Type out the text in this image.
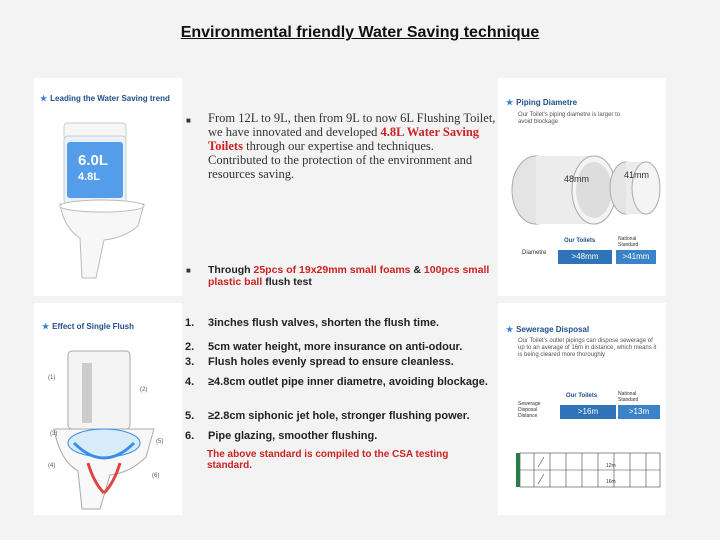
Environmental friendly Water Saving technique
★ Leading the Water Saving trend
6.0L
4.8L
★ Piping Diametre
Our Toilet's piping diametre is larger to avoid blockage
48mm	41mm
Our Toilets	National Standard
Diametre	>48mm	>41mm
★ Effect of Single Flush
(1)
(2)
(3)
(4)
(5)
(6)
★ Sewerage Disposal
Our Toilet's outlet pipings can dispose sewerage of up to an average of 16m in distance, which means it is being cleared more thoroughly
Our Toilets	National Standard
Sewerage Disposal Distance	>16m	>13m
12m
16m
■ From 12L to 9L, then from 9L to now 6L Flushing Toilet, we have innovated and developed 4.8L Water Saving Toilets through our expertise and techniques. Contributed to the protection of the environment and resources saving.
■ Through 25pcs of 19x29mm small foams & 100pcs small plastic ball flush test
1. 3inches flush valves, shorten the flush time.
2. 5cm water height, more insurance on anti-odour.
3. Flush holes evenly spread to ensure cleanless.
4. ≥4.8cm outlet pipe inner diametre, avoiding blockage.
5. ≥2.8cm siphonic jet hole, stronger flushing power.
6. Pipe glazing, smoother flushing.
The above standard is compiled to the CSA testing standard.
